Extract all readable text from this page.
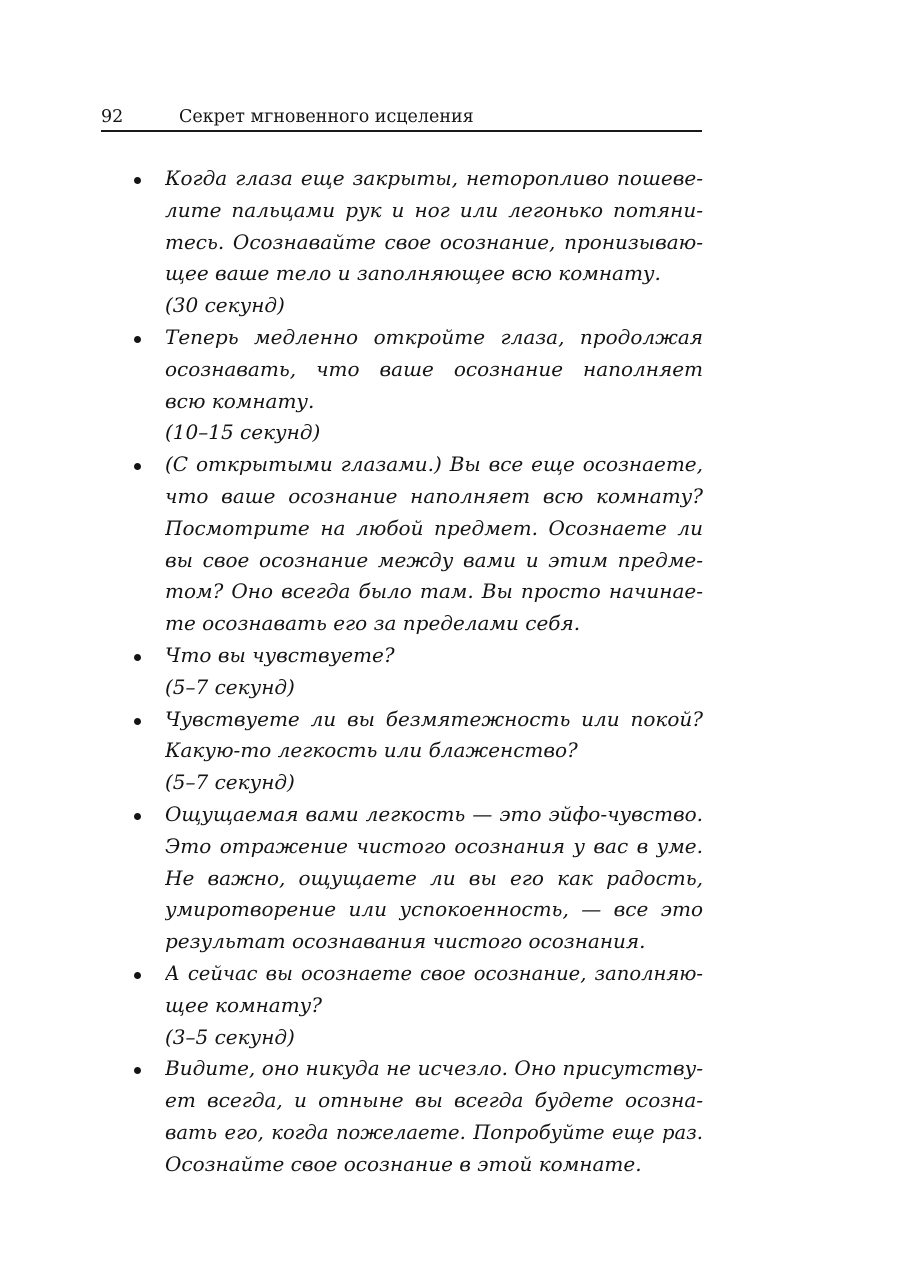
92	Секрет мгновенного исцеления
Когда глаза еще закрыты, неторопливо пошеве-
лите пальцами рук и ног или легонько потяни-
тесь. Осознавайте свое осознание, пронизываю-
щее ваше тело и заполняющее всю комнату.
(30 секунд)
Теперь медленно откройте глаза, продолжая
осознавать, что ваше осознание наполняет
всю комнату.
(10–15 секунд)
(С открытыми глазами.) Вы все еще осознаете,
что ваше осознание наполняет всю комнату?
Посмотрите на любой предмет. Осознаете ли
вы свое осознание между вами и этим предме-
том? Оно всегда было там. Вы просто начинае-
те осознавать его за пределами себя.
Что вы чувствуете?
(5–7 секунд)
Чувствуете ли вы безмятежность или покой?
Какую-то легкость или блаженство?
(5–7 секунд)
Ощущаемая вами легкость — это эйфо-чувство.
Это отражение чистого осознания у вас в уме.
Не важно, ощущаете ли вы его как радость,
умиротворение или успокоенность, — все это
результат осознавания чистого осознания.
А сейчас вы осознаете свое осознание, заполняю-
щее комнату?
(3–5 секунд)
Видите, оно никуда не исчезло. Оно присутству-
ет всегда, и отныне вы всегда будете осозна-
вать его, когда пожелаете. Попробуйте еще раз.
Осознайте свое осознание в этой комнате.
